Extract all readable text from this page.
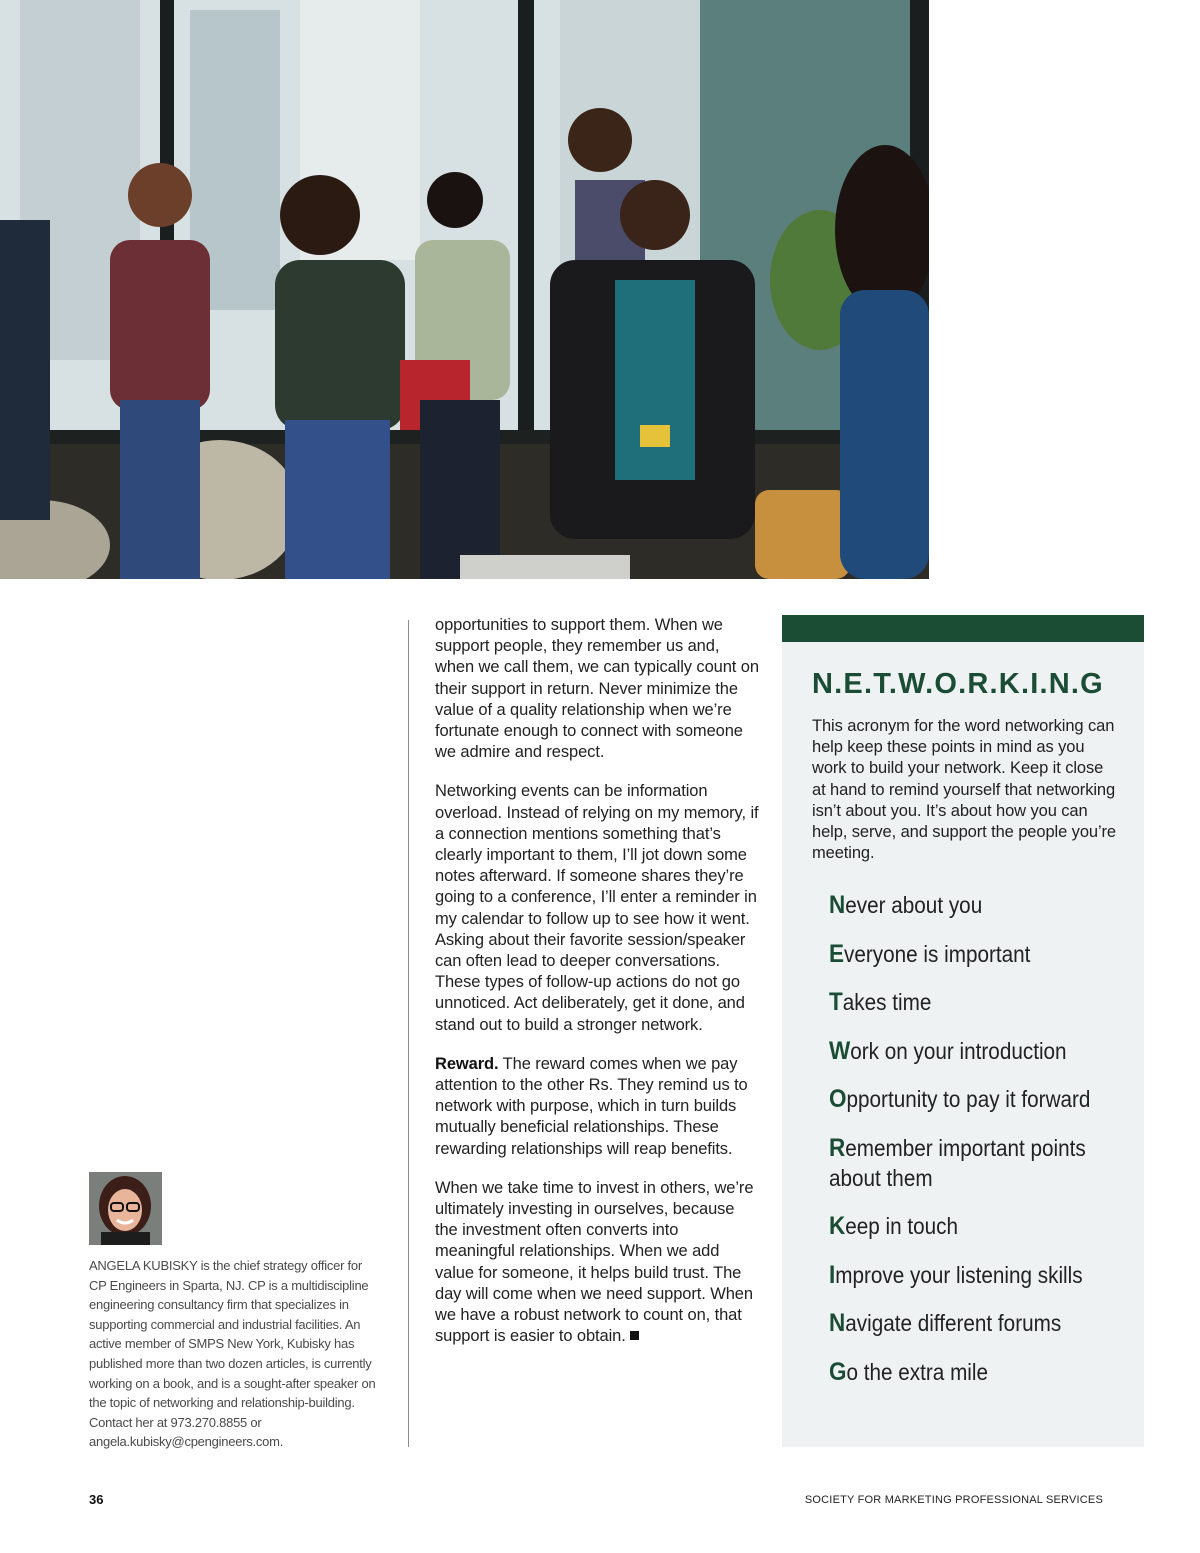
ANGELA KUBISKY is the chief strategy officer for CP Engineers in Sparta, NJ. CP is a multidiscipline engineering consultancy firm that specializes in supporting commercial and industrial facilities. An active member of SMPS New York, Kubisky has published more than two dozen articles, is currently working on a book, and is a sought-after speaker on the topic of networking and relationship-building. Contact her at 973.270.8855 or angela.kubisky@cpengineers.com.

opportunities to support them. When we support people, they remember us and, when we call them, we can typically count on their support in return. Never minimize the value of a quality relationship when we’re fortunate enough to connect with someone we admire and respect.

Networking events can be information overload. Instead of relying on my memory, if a connection mentions something that’s clearly important to them, I’ll jot down some notes afterward. If someone shares they’re going to a conference, I’ll enter a reminder in my calendar to follow up to see how it went. Asking about their favorite session/speaker can often lead to deeper conversations. These types of follow-up actions do not go unnoticed. Act deliberately, get it done, and stand out to build a stronger network.

Reward. The reward comes when we pay attention to the other Rs. They remind us to network with purpose, which in turn builds mutually beneficial relationships. These rewarding relationships will reap benefits.

When we take time to invest in others, we’re ultimately investing in ourselves, because the investment often converts into meaningful relationships. When we add value for someone, it helps build trust. The day will come when we need support. When we have a robust network to count on, that support is easier to obtain.

N.E.T.W.O.R.K.I.N.G

This acronym for the word networking can help keep these points in mind as you work to build your network. Keep it close at hand to remind yourself that networking isn’t about you. It’s about how you can help, serve, and support the people you’re meeting.

Never about you
Everyone is important
Takes time
Work on your introduction
Opportunity to pay it forward
Remember important points about them
Keep in touch
Improve your listening skills
Navigate different forums
Go the extra mile
36	SOCIETY FOR MARKETING PROFESSIONAL SERVICES
